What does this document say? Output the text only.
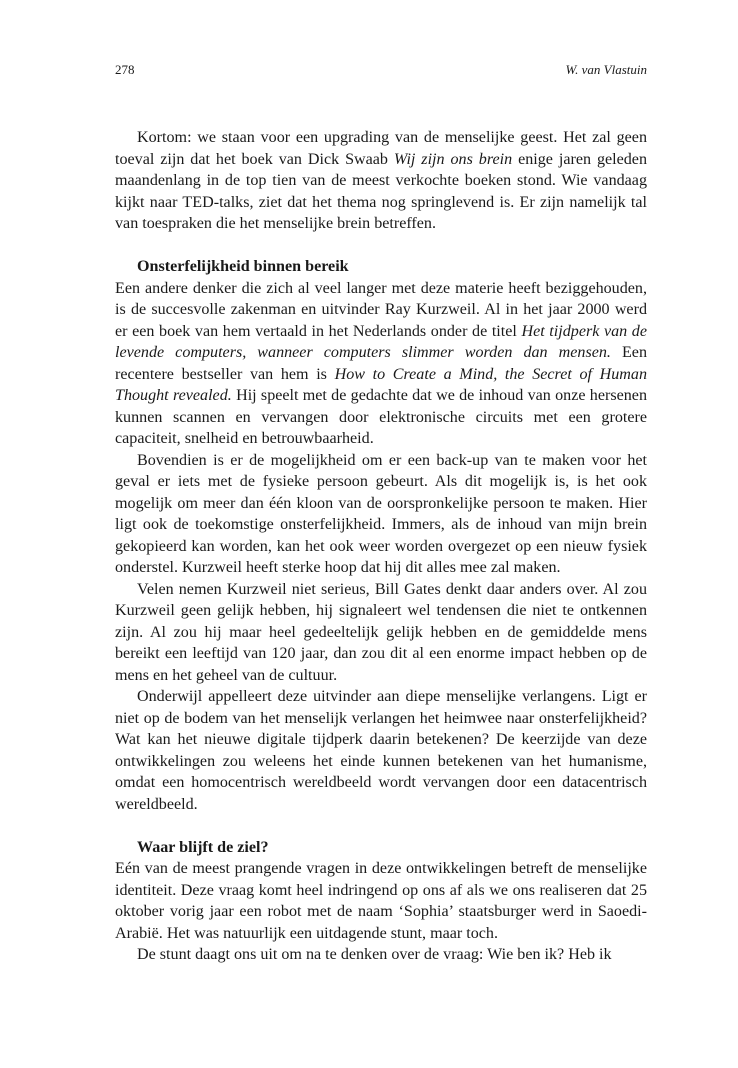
278	W. van Vlastuin

Kortom: we staan voor een upgrading van de menselijke geest. Het zal geen toeval zijn dat het boek van Dick Swaab Wij zijn ons brein enige jaren geleden maandenlang in de top tien van de meest verkochte boeken stond. Wie vandaag kijkt naar TED-talks, ziet dat het thema nog springlevend is. Er zijn namelijk tal van toespraken die het menselijke brein betreffen.

Onsterfelijkheid binnen bereik

Een andere denker die zich al veel langer met deze materie heeft beziggehouden, is de succesvolle zakenman en uitvinder Ray Kurzweil. Al in het jaar 2000 werd er een boek van hem vertaald in het Nederlands onder de titel Het tijdperk van de levende computers, wanneer computers slimmer worden dan mensen. Een recentere bestseller van hem is How to Create a Mind, the Secret of Human Thought revealed. Hij speelt met de gedachte dat we de inhoud van onze hersenen kunnen scannen en vervangen door elektronische circuits met een grotere capaciteit, snelheid en betrouwbaarheid.

Bovendien is er de mogelijkheid om er een back-up van te maken voor het geval er iets met de fysieke persoon gebeurt. Als dit mogelijk is, is het ook mogelijk om meer dan één kloon van de oorspronkelijke persoon te maken. Hier ligt ook de toekomstige onsterfelijkheid. Immers, als de inhoud van mijn brein gekopieerd kan worden, kan het ook weer worden overgezet op een nieuw fysiek onderstel. Kurzweil heeft sterke hoop dat hij dit alles mee zal maken.

Velen nemen Kurzweil niet serieus, Bill Gates denkt daar anders over. Al zou Kurzweil geen gelijk hebben, hij signaleert wel tendensen die niet te ontkennen zijn. Al zou hij maar heel gedeeltelijk gelijk hebben en de gemiddelde mens bereikt een leeftijd van 120 jaar, dan zou dit al een enorme impact hebben op de mens en het geheel van de cultuur.

Onderwijl appelleert deze uitvinder aan diepe menselijke verlangens. Ligt er niet op de bodem van het menselijk verlangen het heimwee naar onsterfelijkheid? Wat kan het nieuwe digitale tijdperk daarin betekenen? De keerzijde van deze ontwikkelingen zou weleens het einde kunnen betekenen van het humanisme, omdat een homocentrisch wereldbeeld wordt vervangen door een datacentrisch wereldbeeld.

Waar blijft de ziel?

Eén van de meest prangende vragen in deze ontwikkelingen betreft de menselijke identiteit. Deze vraag komt heel indringend op ons af als we ons realiseren dat 25 oktober vorig jaar een robot met de naam ‘Sophia’ staatsburger werd in Saoedi-Arabië. Het was natuurlijk een uitdagende stunt, maar toch.

De stunt daagt ons uit om na te denken over de vraag: Wie ben ik? Heb ik
